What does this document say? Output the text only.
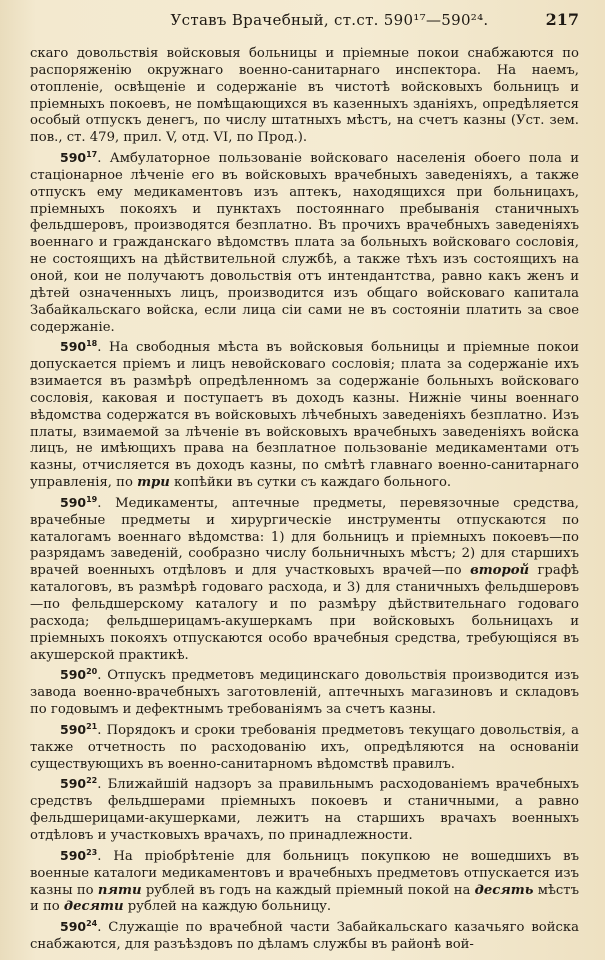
Уставъ Врачебный, ст.ст. 590¹⁷—590²⁴.	217

скаго довольствія войсковыя больницы и пріемные покои снабжаются по распоряженію окружнаго военно-санитарнаго инспектора. На наемъ, отопленіе, освѣщеніе и содержаніе въ чистотѣ войсковыхъ больницъ и пріемныхъ покоевъ, не помѣщающихся въ казенныхъ зданіяхъ, опредѣляется особый отпускъ денегъ, по числу штатныхъ мѣстъ, на счетъ казны (Уст. зем. пов., ст. 479, прил. V, отд. VI, по Прод.).

$590^{17}$. Амбулаторное пользованіе войсковаго населенія обоего пола и стаціонарное лѣченіе его въ войсковыхъ врачебныхъ заведеніяхъ, а также отпускъ ему медикаментовъ изъ аптекъ, находящихся при больницахъ, пріемныхъ покояхъ и пунктахъ постояннаго пребыванія станичныхъ фельдшеровъ, производятся безплатно. Въ прочихъ врачебныхъ заведеніяхъ военнаго и гражданскаго вѣдомствъ плата за больныхъ войсковаго сословія, не состоящихъ на дѣйствительной службѣ, а также тѣхъ изъ состоящихъ на оной, кои не получаютъ довольствія отъ интендантства, равно какъ женъ и дѣтей означенныхъ лицъ, производится изъ общаго войсковаго капитала Забайкальскаго войска, если лица сіи сами не въ состояніи платить за свое содержаніе.

$590^{18}$. На свободныя мѣста въ войсковыя больницы и пріемные покои допускается пріемъ и лицъ невойсковаго сословія; плата за содержаніе ихъ взимается въ размѣрѣ опредѣленномъ за содержаніе больныхъ войсковаго сословія, каковая и поступаетъ въ доходъ казны. Нижніе чины военнаго вѣдомства содержатся въ войсковыхъ лѣчебныхъ заведеніяхъ безплатно. Изъ платы, взимаемой за лѣченіе въ войсковыхъ врачебныхъ заведеніяхъ войска лицъ, не имѣющихъ права на безплатное пользованіе медикаментами отъ казны, отчисляется въ доходъ казны, по смѣтѣ главнаго военно-санитарнаго управленія, по три копѣйки въ сутки съ каждаго больного.

$590^{19}$. Медикаменты, аптечные предметы, перевязочные средства, врачебные предметы и хирургическіе инструменты отпускаются по каталогамъ военнаго вѣдомства: 1) для больницъ и пріемныхъ покоевъ—по разрядамъ заведеній, сообразно числу больничныхъ мѣстъ; 2) для старшихъ врачей военныхъ отдѣловъ и для участковыхъ врачей—по второй графѣ каталоговъ, въ размѣрѣ годоваго расхода, и 3) для станичныхъ фельдшеровъ—по фельдшерскому каталогу и по размѣру дѣйствительнаго годоваго расхода; фельдшерицамъ-акушеркамъ при войсковыхъ больницахъ и пріемныхъ покояхъ отпускаются особо врачебныя средства, требующіяся въ акушерской практикѣ.

$590^{20}$. Отпускъ предметовъ медицинскаго довольствія производится изъ завода военно-врачебныхъ заготовленій, аптечныхъ магазиновъ и складовъ по годовымъ и дефектнымъ требованіямъ за счетъ казны.

$590^{21}$. Порядокъ и сроки требованія предметовъ текущаго довольствія, а также отчетность по расходованію ихъ, опредѣляются на основаніи существующихъ въ военно-санитарномъ вѣдомствѣ правилъ.

$590^{22}$. Ближайшій надзоръ за правильнымъ расходованіемъ врачебныхъ средствъ фельдшерами пріемныхъ покоевъ и станичными, а равно фельдшерицами-акушерками, лежитъ на старшихъ врачахъ военныхъ отдѣловъ и участковыхъ врачахъ, по принадлежности.

$590^{23}$. На пріобрѣтеніе для больницъ покупкою не вошедшихъ въ военные каталоги медикаментовъ и врачебныхъ предметовъ отпускается изъ казны по пяти рублей въ годъ на каждый пріемный покой на десять мѣстъ и по десяти рублей на каждую больницу.

$590^{24}$. Служащіе по врачебной части Забайкальскаго казачьяго войска снабжаются, для разъѣздовъ по дѣламъ службы въ районѣ вой-
